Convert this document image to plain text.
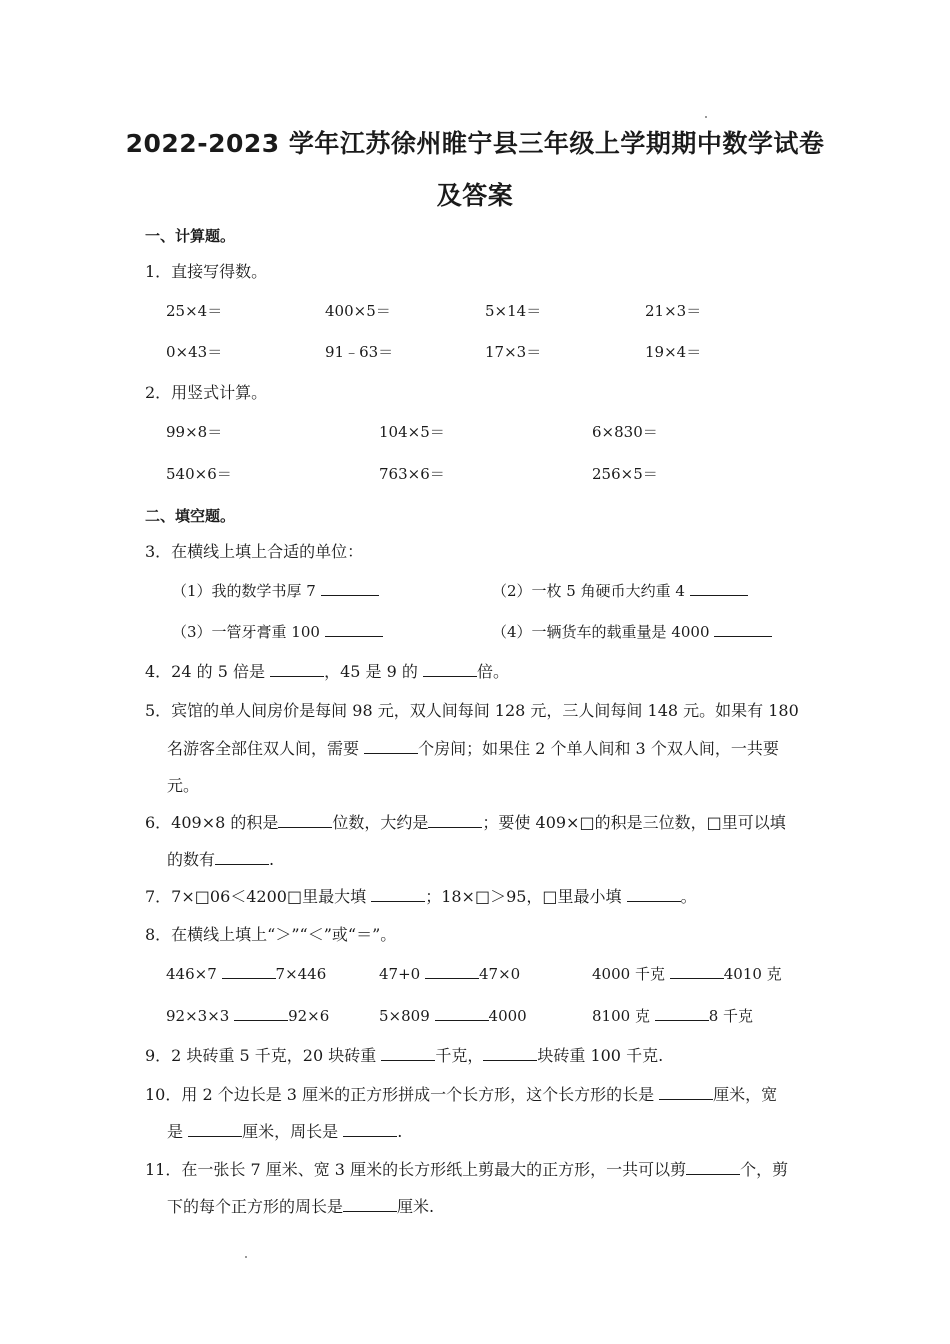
2022-2023 学年江苏徐州睢宁县三年级上学期期中数学试卷
及答案
一、计算题。
1．直接写得数。
25×4＝	400×5＝	5×14＝	21×3＝
0×43＝	91﹣63＝	17×3＝	19×4＝
2．用竖式计算。
99×8＝	104×5＝	6×830＝
540×6＝	763×6＝	256×5＝
二、填空题。
3．在横线上填上合适的单位：
（1）我的数学书厚 7	（2）一枚 5 角硬币大约重 4
（3）一管牙膏重 100	（4）一辆货车的载重量是 4000
4．24 的 5 倍是	，45 是 9 的	倍。
5．宾馆的单人间房价是每间 98 元，双人间每间 128 元，三人间每间 148 元。如果有 180
名游客全部住双人间，需要	个房间；如果住 2 个单人间和 3 个双人间，一共要
元。
6．409×8 的积是	位数，大约是	；要使 409×□的积是三位数，□里可以填
的数有	.
7．7×□06＜4200□里最大填	；18×□＞95，□里最小填	。
8．在横线上填上“＞”“＜”或“＝”。
446×7	7×446	47+0	47×0	4000 千克	4010 克
92×3×3	92×6	5×809	4000	8100 克	8 千克
9．2 块砖重 5 千克，20 块砖重	千克，	块砖重 100 千克.
10．用 2 个边长是 3 厘米的正方形拼成一个长方形，这个长方形的长是	厘米，宽
是	厘米，周长是	.
11．在一张长 7 厘米、宽 3 厘米的长方形纸上剪最大的正方形，一共可以剪	个，剪
下的每个正方形的周长是	厘米.
